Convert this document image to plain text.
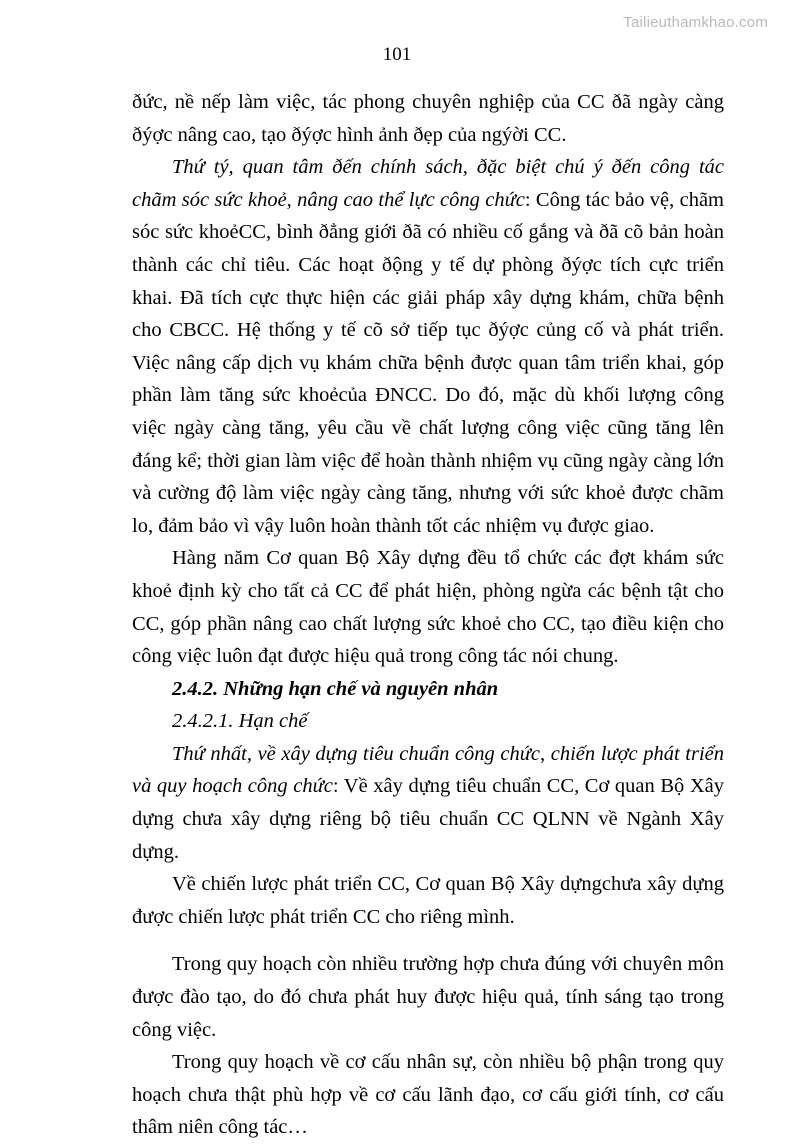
Tailieuthamkhao.com
101

ðức, nề nếp làm việc, tác phong chuyên nghiệp của CC ðã ngày càng ðýợc nâng cao, tạo ðýợc hình ảnh ðẹp của ngýời CC.

Thứ tý, quan tâm ðến chính sách, ðặc biệt chú ý ðến công tác chãm sóc sức khoẻ, nâng cao thể lực công chức: Công tác bảo vệ, chãm sóc sức khoẻCC, bình ðẳng giới ðã có nhiều cố gắng và ðã cõ bản hoàn thành các chỉ tiêu. Các hoạt ðộng y tế dự phòng ðýợc tích cực triển khai. Đã tích cực thực hiện các giải pháp xây dựng khám, chữa bệnh cho CBCC. Hệ thống y tế cõ sở tiếp tục ðýợc củng cố và phát triển. Việc nâng cấp dịch vụ khám chữa bệnh được quan tâm triển khai, góp phần làm tăng sức khoẻcủa ĐNCC. Do đó, mặc dù khối lượng công việc ngày càng tăng, yêu cầu về chất lượng công việc cũng tăng lên đáng kể; thời gian làm việc để hoàn thành nhiệm vụ cũng ngày càng lớn và cường độ làm việc ngày càng tăng, nhưng với sức khoẻ được chãm lo, đảm bảo vì vậy luôn hoàn thành tốt các nhiệm vụ được giao.

Hàng năm Cơ quan Bộ Xây dựng đều tổ chức các đợt khám sức khoẻ định kỳ cho tất cả CC để phát hiện, phòng ngừa các bệnh tật cho CC, góp phần nâng cao chất lượng sức khoẻ cho CC, tạo điều kiện cho công việc luôn đạt được hiệu quả trong công tác nói chung.

2.4.2. Những hạn chế và nguyên nhân
2.4.2.1. Hạn chế

Thứ nhất, về xây dựng tiêu chuẩn công chức, chiến lược phát triển và quy hoạch công chức: Về xây dựng tiêu chuẩn CC, Cơ quan Bộ Xây dựng chưa xây dựng riêng bộ tiêu chuẩn CC QLNN về Ngành Xây dựng.

Về chiến lược phát triển CC, Cơ quan Bộ Xây dựngchưa xây dựng được chiến lược phát triển CC cho riêng mình.

Trong quy hoạch còn nhiều trường hợp chưa đúng với chuyên môn được đào tạo, do đó chưa phát huy được hiệu quả, tính sáng tạo trong công việc.

Trong quy hoạch về cơ cấu nhân sự, còn nhiều bộ phận trong quy hoạch chưa thật phù hợp về cơ cấu lãnh đạo, cơ cấu giới tính, cơ cấu thâm niên công tác…
